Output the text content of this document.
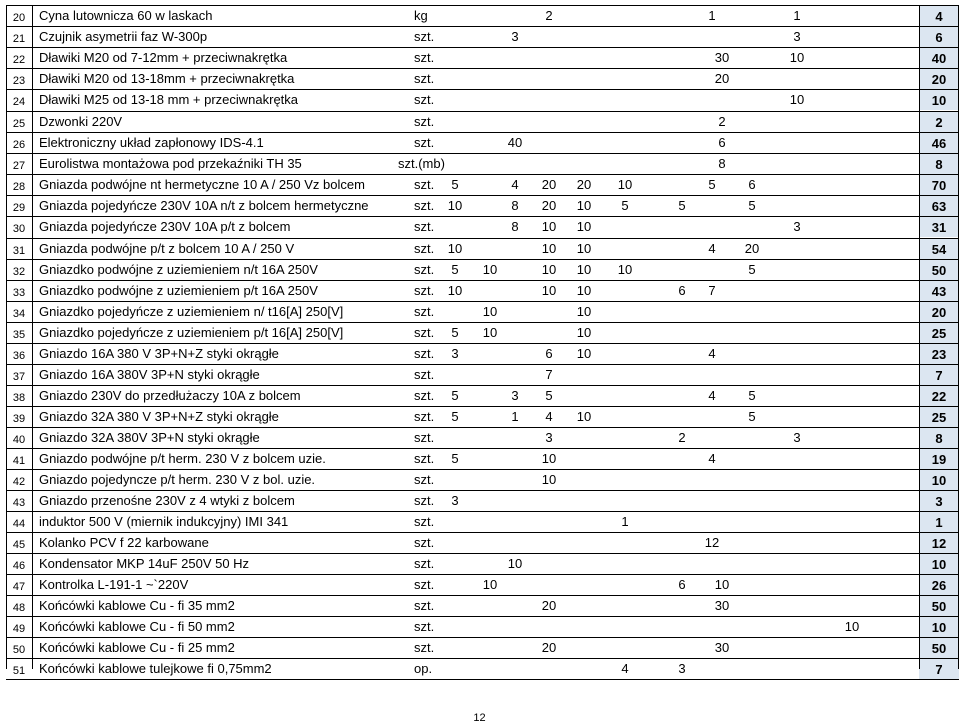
20	Cyna lutownicza 60 w laskach	kg	2	1	1	4
21	Czujnik asymetrii faz W-300p	szt.	3	3	6
22	Dławiki M20 od 7-12mm + przeciwnakrętka	szt.	30	10	40
23	Dławiki M20 od 13-18mm + przeciwnakrętka	szt.	20	20
24	Dławiki M25 od 13-18 mm + przeciwnakrętka	szt.	10	10
25	Dzwonki 220V	szt.	2	2
26	Elektroniczny układ zapłonowy IDS-4.1	szt.	40	6	46
27	Eurolistwa montażowa pod przekaźniki TH 35	szt.(mb)	8	8
28	Gniazda podwójne nt hermetyczne 10 A / 250 Vz bolcem	szt.	5	4	20	20	10	5	6	70
29	Gniazda pojedyńcze 230V 10A n/t z bolcem hermetyczne	szt.	10	8	20	10	5	5	5	63
30	Gniazda pojedyńcze 230V 10A p/t z bolcem	szt.	8	10	10	3	31
31	Gniazda podwójne p/t z bolcem 10 A / 250 V	szt.	10	10	10	4	20	54
32	Gniazdko podwójne z uziemieniem n/t 16A 250V	szt.	5	10	10	10	10	5	50
33	Gniazdko podwójne z uziemieniem p/t 16A 250V	szt.	10	10	10	6	7	43
34	Gniazdko pojedyńcze z uziemieniem n/ t16[A] 250[V]	szt.	10	10	20
35	Gniazdko pojedyńcze z uziemieniem p/t 16[A] 250[V]	szt.	5	10	10	25
36	Gniazdo 16A 380 V 3P+N+Z styki okrągłe	szt.	3	6	10	4	23
37	Gniazdo 16A 380V 3P+N styki okrągłe	szt.	7	7
38	Gniazdo 230V do przedłużaczy 10A z bolcem	szt.	5	3	5	4	5	22
39	Gniazdo 32A 380 V 3P+N+Z styki okrągłe	szt.	5	1	4	10	5	25
40	Gniazdo 32A 380V 3P+N styki okrągłe	szt.	3	2	3	8
41	Gniazdo podwójne p/t herm. 230 V z bolcem uzie.	szt.	5	10	4	19
42	Gniazdo pojedyncze p/t herm. 230 V z bol. uzie.	szt.	10	10
43	Gniazdo przenośne 230V z 4 wtyki z bolcem	szt.	3	3
44	induktor 500 V (miernik indukcyjny) IMI 341	szt.	1	1
45	Kolanko PCV f 22 karbowane	szt.	12	12
46	Kondensator MKP 14uF 250V 50 Hz	szt.	10	10
47	Kontrolka L-191-1 ~`220V	szt.	10	6	10	26
48	Końcówki kablowe Cu - fi 35 mm2	szt.	20	30	50
49	Końcówki kablowe Cu - fi 50 mm2	szt.	10	10
50	Końcówki kablowe Cu - fi 25 mm2	szt.	20	30	50
51	Końcówki kablowe tulejkowe fi 0,75mm2	op.	4	3	7
12
